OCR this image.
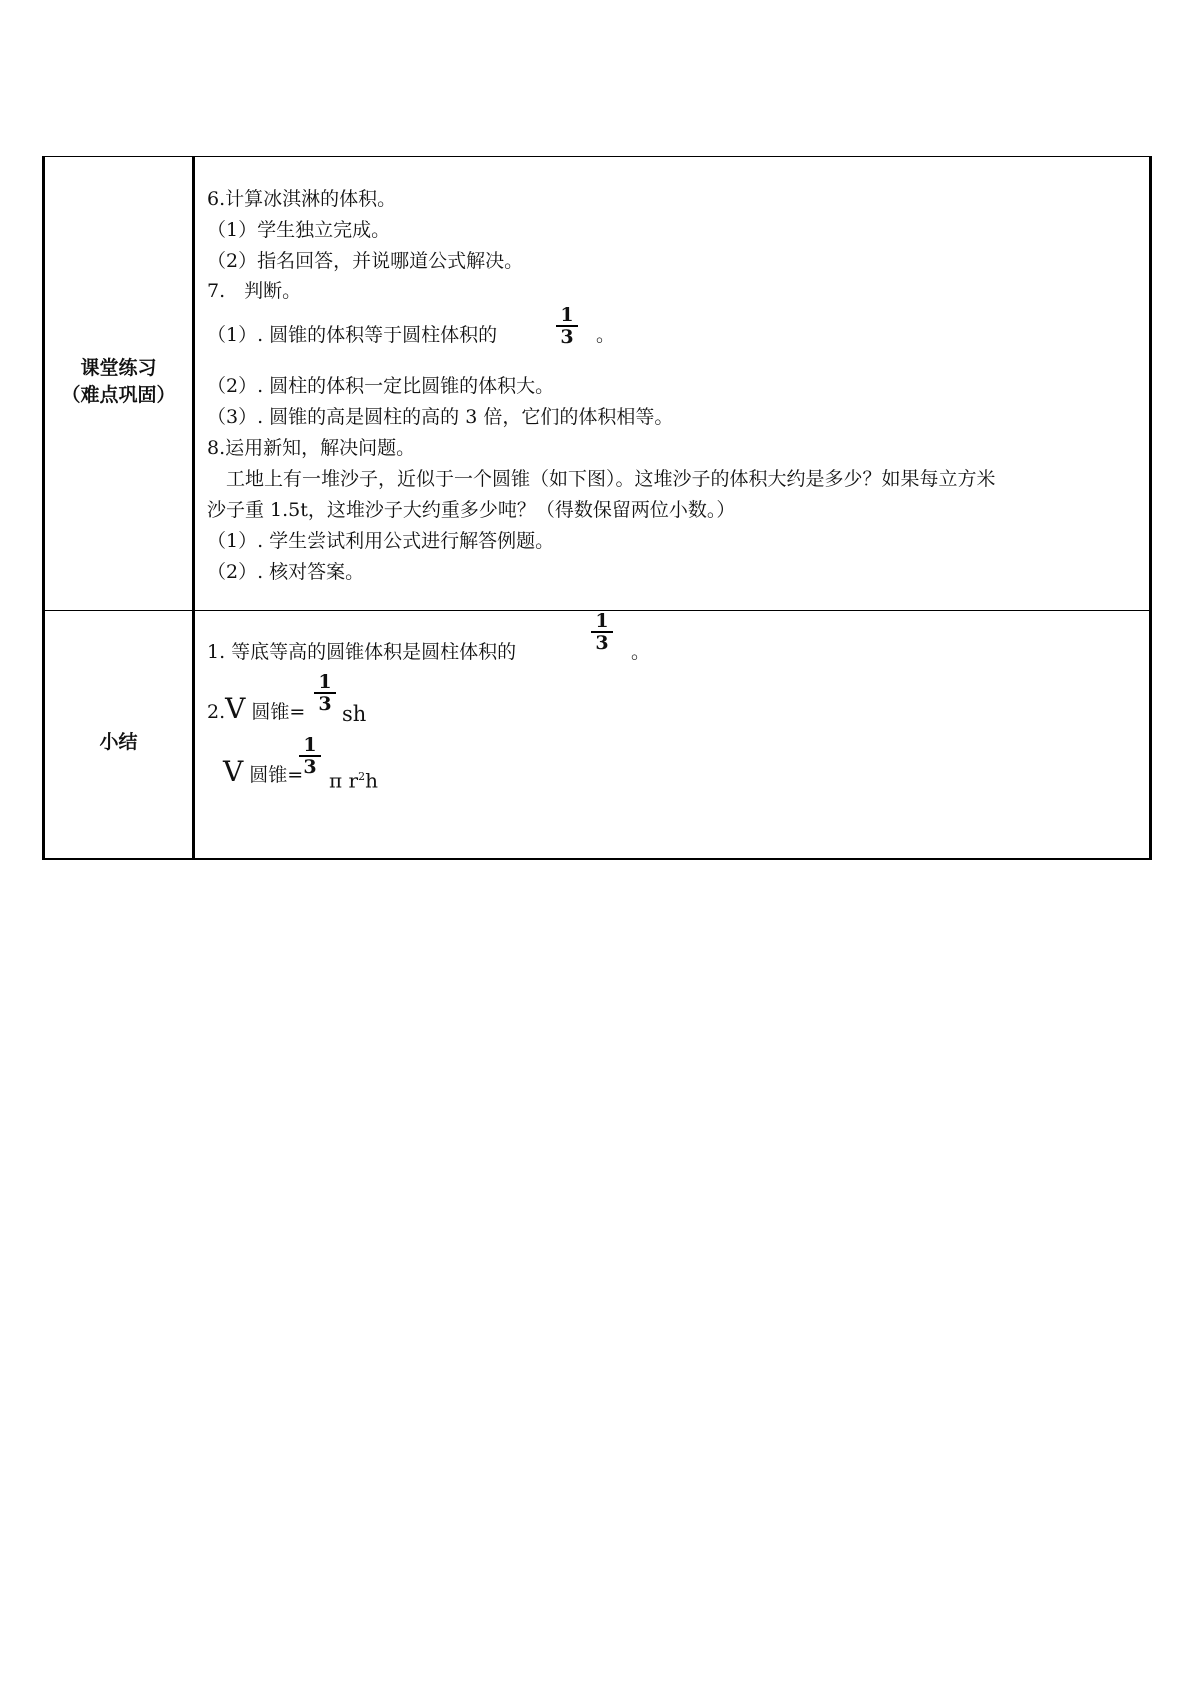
课堂练习
（难点巩固）
6.计算冰淇淋的体积。
（1）学生独立完成。
（2）指名回答，并说哪道公式解决。
7.　判断。
（1）. 圆锥的体积等于圆柱体积的
1
3 。
（2）. 圆柱的体积一定比圆锥的体积大。
（3）. 圆锥的高是圆柱的高的 3 倍，它们的体积相等。
8.运用新知，解决问题。
　工地上有一堆沙子，近似于一个圆锥（如下图）。这堆沙子的体积大约是多少？如果每立方米
沙子重 1.5t，这堆沙子大约重多少吨？（得数保留两位小数。）
（1）. 学生尝试利用公式进行解答例题。
（2）. 核对答案。
小结
1. 等底等高的圆锥体积是圆柱体积的
1
3 。
2.V 圆锥=
1
3 sh
V 圆锥=
1
3
π $r^2h$
